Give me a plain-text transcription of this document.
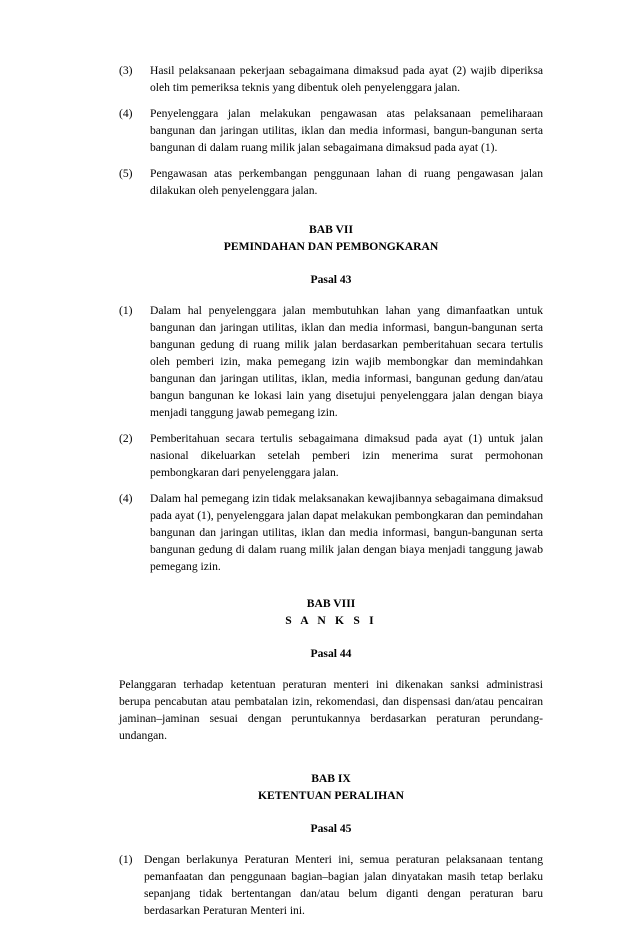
(3)	Hasil pelaksanaan pekerjaan sebagaimana dimaksud pada ayat (2) wajib diperiksa oleh tim pemeriksa teknis yang dibentuk oleh penyelenggara jalan.
(4)	Penyelenggara jalan melakukan pengawasan atas pelaksanaan pemeliharaan bangunan dan jaringan utilitas, iklan dan media informasi, bangun-bangunan serta bangunan di dalam ruang milik jalan sebagaimana dimaksud pada ayat (1).
(5)	Pengawasan atas perkembangan penggunaan lahan di ruang pengawasan jalan dilakukan oleh penyelenggara jalan.
BAB VII
PEMINDAHAN DAN PEMBONGKARAN
Pasal 43
(1)	Dalam hal penyelenggara jalan membutuhkan lahan yang dimanfaatkan untuk bangunan dan jaringan utilitas, iklan dan media informasi, bangun-bangunan serta bangunan gedung di ruang milik jalan berdasarkan pemberitahuan secara tertulis oleh pemberi izin, maka pemegang izin wajib membongkar dan memindahkan bangunan dan jaringan utilitas, iklan, media informasi, bangunan gedung dan/atau bangun bangunan ke lokasi lain yang disetujui penyelenggara jalan dengan biaya menjadi tanggung jawab pemegang izin.
(2)	Pemberitahuan secara tertulis sebagaimana dimaksud pada ayat (1) untuk jalan nasional dikeluarkan setelah pemberi izin menerima surat permohonan pembongkaran dari penyelenggara jalan.
(4)	Dalam hal pemegang izin tidak melaksanakan kewajibannya sebagaimana dimaksud pada ayat (1), penyelenggara jalan dapat melakukan pembongkaran dan pemindahan bangunan dan jaringan utilitas, iklan dan media informasi, bangun-bangunan serta bangunan gedung di dalam ruang milik jalan dengan biaya menjadi tanggung jawab pemegang izin.
BAB VIII
S A N K S I
Pasal 44

Pelanggaran terhadap ketentuan peraturan menteri ini dikenakan sanksi administrasi berupa pencabutan atau pembatalan izin, rekomendasi, dan dispensasi dan/atau pencairan jaminan–jaminan sesuai dengan peruntukannya berdasarkan peraturan perundang-undangan.

BAB IX
KETENTUAN PERALIHAN
Pasal 45
(1) Dengan berlakunya Peraturan Menteri ini, semua peraturan pelaksanaan tentang pemanfaatan dan penggunaan bagian–bagian jalan dinyatakan masih tetap berlaku sepanjang tidak bertentangan dan/atau belum diganti dengan peraturan baru berdasarkan Peraturan Menteri ini.
